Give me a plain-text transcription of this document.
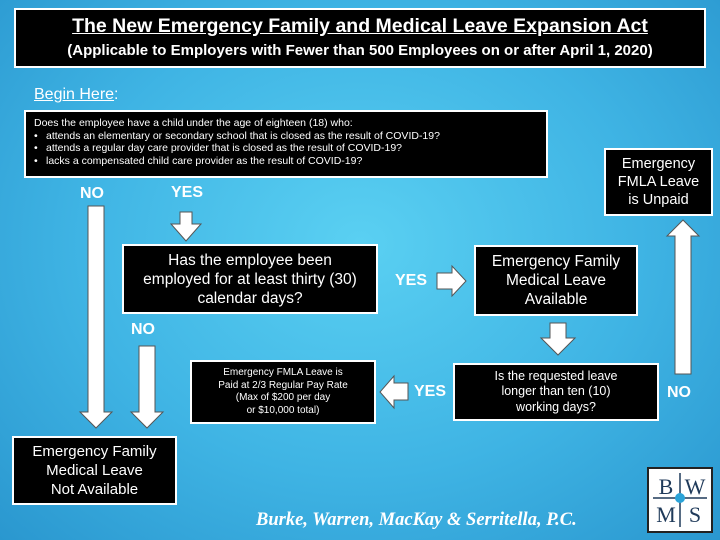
The New Emergency Family and Medical Leave Expansion Act
(Applicable to Employers with Fewer than 500 Employees on or after April 1, 2020)
Begin Here:
Does the employee have a child under the age of eighteen (18) who:
• attends an elementary or secondary school that is closed as the result of COVID-19?
• attends a regular day care provider that is closed as the result of COVID-19?
• lacks a compensated child care provider as the result of COVID-19?
NO	YES
YES
NO
YES	NO
Has the employee been
employed for at least thirty (30)
calendar days?
Emergency Family
Medical Leave
Available
Is the requested leave
longer than ten (10)
working days?
Emergency FMLA Leave is
Paid at 2/3 Regular Pay Rate
(Max of $200 per day
or $10,000 total)
Emergency
FMLA Leave
is Unpaid
Emergency Family
Medical Leave
Not Available
Burke, Warren, MacKay & Serritella, P.C.
B W
M S
